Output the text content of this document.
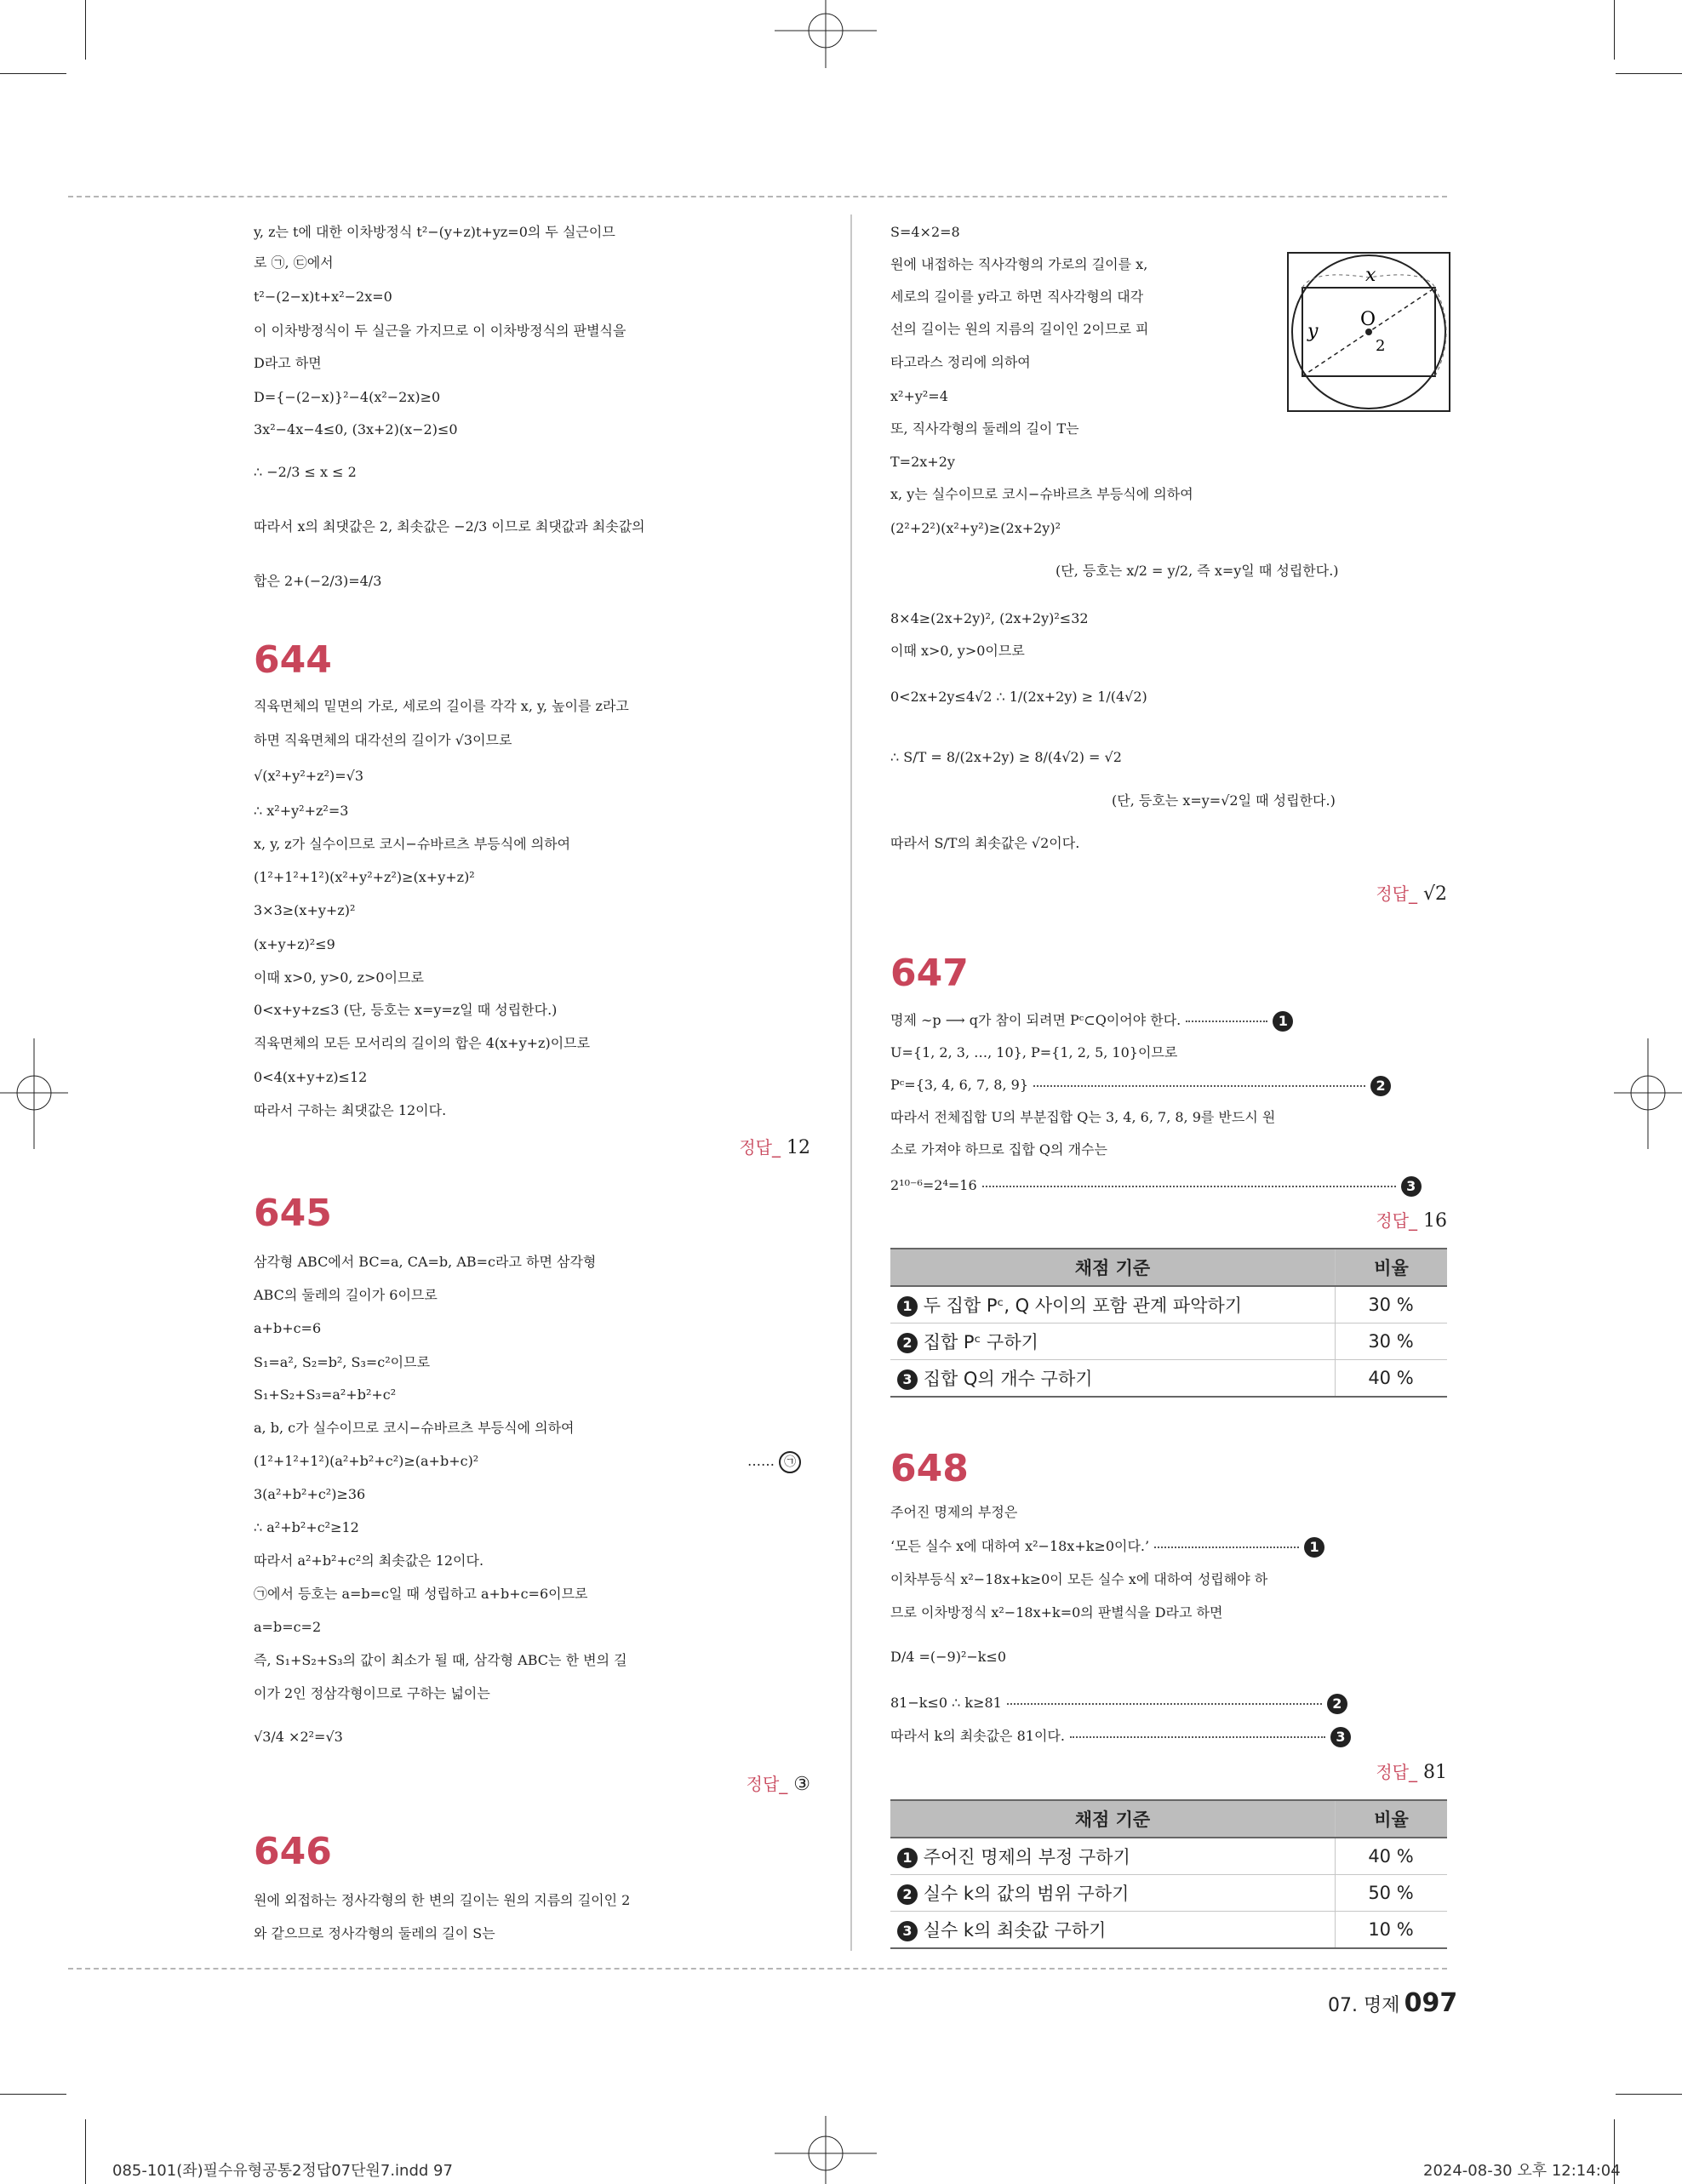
y, z는 t에 대한 이차방정식 t²−(y+z)t+yz=0의 두 실근이므
로 ㉠, ㉢에서
t²−(2−x)t+x²−2x=0
이 이차방정식이 두 실근을 가지므로 이 이차방정식의 판별식을
D라고 하면
D={−(2−x)}²−4(x²−2x)≥0
3x²−4x−4≤0, (3x+2)(x−2)≤0
∴ −2/3 ≤ x ≤ 2
따라서 x의 최댓값은 2, 최솟값은 −2/3 이므로 최댓값과 최솟값의
합은 2+(−2/3)=4/3
644
직육면체의 밑면의 가로, 세로의 길이를 각각 x, y, 높이를 z라고
하면 직육면체의 대각선의 길이가 √3이므로
√(x²+y²+z²)=√3
∴ x²+y²+z²=3
x, y, z가 실수이므로 코시−슈바르츠 부등식에 의하여
(1²+1²+1²)(x²+y²+z²)≥(x+y+z)²
3×3≥(x+y+z)²
(x+y+z)²≤9
이때 x>0, y>0, z>0이므로
0<x+y+z≤3 (단, 등호는 x=y=z일 때 성립한다.)
직육면체의 모든 모서리의 길이의 합은 4(x+y+z)이므로
0<4(x+y+z)≤12
따라서 구하는 최댓값은 12이다.
정답_ 12
645
삼각형 ABC에서 BC=a, CA=b, AB=c라고 하면 삼각형
ABC의 둘레의 길이가 6이므로
a+b+c=6
S₁=a², S₂=b², S₃=c²이므로
S₁+S₂+S₃=a²+b²+c²
a, b, c가 실수이므로 코시−슈바르츠 부등식에 의하여
(1²+1²+1²)(a²+b²+c²)≥(a+b+c)²	…… ㉠
3(a²+b²+c²)≥36
∴ a²+b²+c²≥12
따라서 a²+b²+c²의 최솟값은 12이다.
㉠에서 등호는 a=b=c일 때 성립하고 a+b+c=6이므로
a=b=c=2
즉, S₁+S₂+S₃의 값이 최소가 될 때, 삼각형 ABC는 한 변의 길
이가 2인 정삼각형이므로 구하는 넓이는
√3/4 ×2²=√3
정답_ ③
646
원에 외접하는 정사각형의 한 변의 길이는 원의 지름의 길이인 2
와 같으므로 정사각형의 둘레의 길이 S는
S=4×2=8
원에 내접하는 직사각형의 가로의 길이를 x,
세로의 길이를 y라고 하면 직사각형의 대각
선의 길이는 원의 지름의 길이인 2이므로 피
타고라스 정리에 의하여
x
y
O
2
x²+y²=4
또, 직사각형의 둘레의 길이 T는
T=2x+2y
x, y는 실수이므로 코시−슈바르츠 부등식에 의하여
(2²+2²)(x²+y²)≥(2x+2y)²
(단, 등호는 x/2 = y/2, 즉 x=y일 때 성립한다.)
8×4≥(2x+2y)², (2x+2y)²≤32
이때 x>0, y>0이므로
0<2x+2y≤4√2 ∴ 1/(2x+2y) ≥ 1/(4√2)
∴ S/T = 8/(2x+2y) ≥ 8/(4√2) = √2
(단, 등호는 x=y=√2일 때 성립한다.)
따라서 S/T의 최솟값은 √2이다.
정답_ √2
647
명제 ∼p ⟶ q가 참이 되려면 Pᶜ⊂Q이어야 한다.	1
U={1, 2, 3, …, 10}, P={1, 2, 5, 10}이므로
Pᶜ={3, 4, 6, 7, 8, 9}	2
따라서 전체집합 U의 부분집합 Q는 3, 4, 6, 7, 8, 9를 반드시 원
소로 가져야 하므로 집합 Q의 개수는
2¹⁰⁻⁶=2⁴=16	3
정답_ 16
채점 기준	비율
1 두 집합 Pᶜ, Q 사이의 포함 관계 파악하기	30 %
2 집합 Pᶜ 구하기	30 %
3 집합 Q의 개수 구하기	40 %
648
주어진 명제의 부정은
‘모든 실수 x에 대하여 x²−18x+k≥0이다.’	1
이차부등식 x²−18x+k≥0이 모든 실수 x에 대하여 성립해야 하
므로 이차방정식 x²−18x+k=0의 판별식을 D라고 하면
D/4 =(−9)²−k≤0
81−k≤0 ∴ k≥81	2
따라서 k의 최솟값은 81이다.	3
정답_ 81
채점 기준	비율
1 주어진 명제의 부정 구하기	40 %
2 실수 k의 값의 범위 구하기	50 %
3 실수 k의 최솟값 구하기	10 %
07. 명제 097
085-101(좌)필수유형공통2정답07단원7.indd 97	2024-08-30 오후 12:14:04
